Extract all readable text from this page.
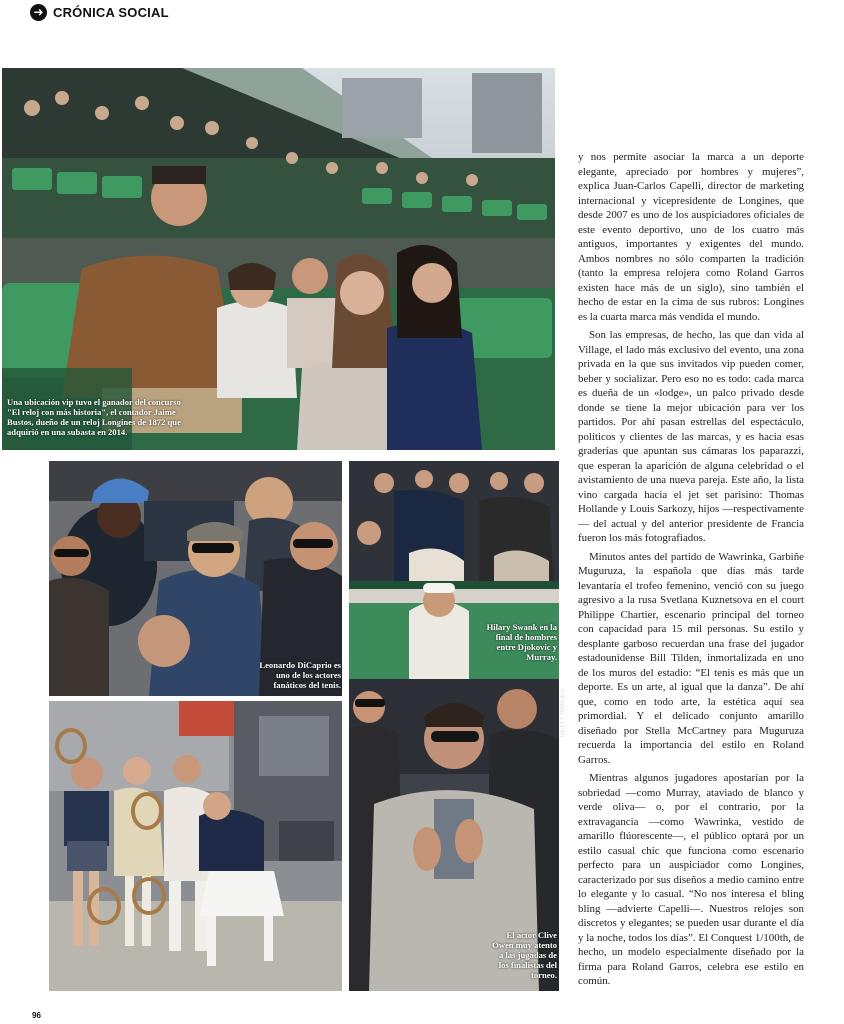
➜ CRÓNICA SOCIAL
Una ubicación vip tuvo el ganador del concurso "El reloj con más historia", el contador Jaime Bustos, dueño de un reloj Longines de 1872 que adquirió en una subasta en 2014.
Leonardo DiCaprio es uno de los actores fanáticos del tenis.
Hilary Swank en la final de hombres entre Djokovic y Murray.
El actor Clive Owen muy atento a las jugadas de los finalistas del torneo.
GETTY IMAGES

y nos permite asociar la marca a un deporte elegante, apreciado por hombres y mujeres”, explica Juan-Carlos Capelli, director de marketing internacional y vicepresidente de Longines, que desde 2007 es uno de los auspiciadores oficiales de este evento deportivo, uno de los cuatro más antiguos, importantes y exigentes del mundo. Ambos nombres no sólo comparten la tradición (tanto la empresa relojera como Roland Garros existen hace más de un siglo), sino también el hecho de estar en la cima de sus rubros: Longines es la cuarta marca más vendida el mundo.

Son las empresas, de hecho, las que dan vida al Village, el lado más exclusivo del evento, una zona privada en la que sus invitados vip pueden comer, beber y socializar. Pero eso no es todo: cada marca es dueña de un «lodge», un palco privado desde donde se tiene la mejor ubicación para ver los partidos. Por ahí pasan estrellas del espectáculo, políticos y clientes de las marcas, y es hacia esas graderías que apuntan sus cámaras los paparazzi, que esperan la aparición de alguna celebridad o el avistamiento de una nueva pareja. Este año, la lista vino cargada hacia el jet set parisino: Thomas Hollande y Louis Sarkozy, hijos —respectivamente— del actual y del anterior presidente de Francia fueron los más fotografiados.

Minutos antes del partido de Wawrinka, Garbiñe Muguruza, la española que días más tarde levantaría el trofeo femenino, venció con su juego agresivo a la rusa Svetlana Kuznetsova en el court Philippe Chartier, escenario principal del torneo con capacidad para 15 mil personas. Su estilo y desplante garboso recuerdan una frase del jugador estadounidense Bill Tilden, inmortalizada en uno de los muros del estadio: “El tenis es más que un deporte. Es un arte, al igual que la danza”. De ahí que, como en todo arte, la estética aquí sea primordial. Y el delicado conjunto amarillo diseñado por Stella McCartney para Muguruza recuerda la importancia del estilo en Roland Garros.

Mientras algunos jugadores apostarían por la sobriedad —como Murray, ataviado de blanco y verde oliva— o, por el contrario, por la extravagancia —como Wawrinka, vestido de amarillo flúorescente—, el público optará por un estilo casual chic que funciona como escenario perfecto para un auspiciador como Longines, caracterizado por sus diseños a medio camino entre lo elegante y lo casual. “No nos interesa el bling bling —advierte Capelli—. Nuestros relojes son discretos y elegantes; se pueden usar durante el día y la noche, todos los días”. El Conquest 1/100th, de hecho, un modelo especialmente diseñado por la firma para Roland Garros, celebra ese estilo en común.

96
